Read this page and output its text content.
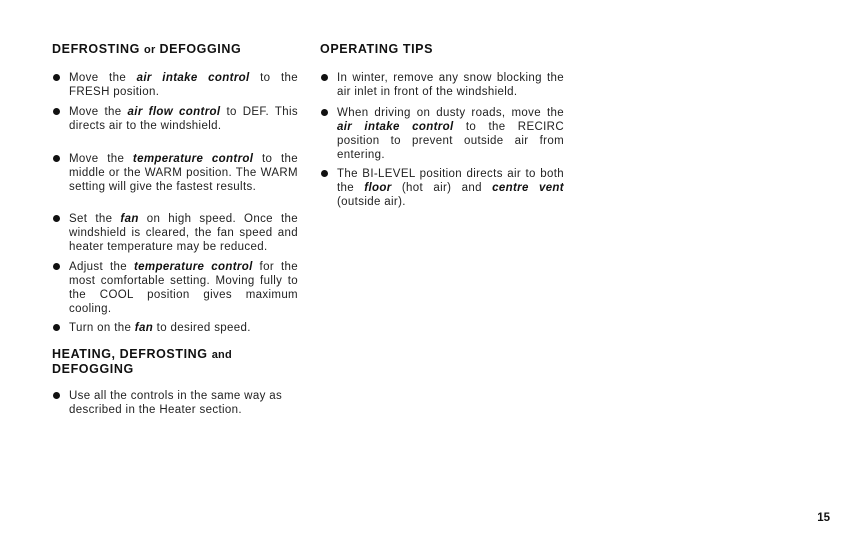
DEFROSTING or DEFOGGING
Move the air intake control to the FRESH position.
Move the air flow control to DEF. This directs air to the windshield.
Move the temperature control to the middle or the WARM position. The WARM setting will give the fastest results.
Set the fan on high speed. Once the windshield is cleared, the fan speed and heater temperature may be reduced.
Adjust the temperature control for the most comfortable setting. Moving fully to the COOL position gives maximum cooling.
Turn on the fan to desired speed.
HEATING, DEFROSTING and
DEFOGGING
Use all the controls in the same way as described in the Heater section.
OPERATING TIPS
In winter, remove any snow blocking the air inlet in front of the windshield.
When driving on dusty roads, move the air intake control to the RECIRC position to prevent outside air from entering.
The BI-LEVEL position directs air to both the floor (hot air) and centre vent (outside air).
15
